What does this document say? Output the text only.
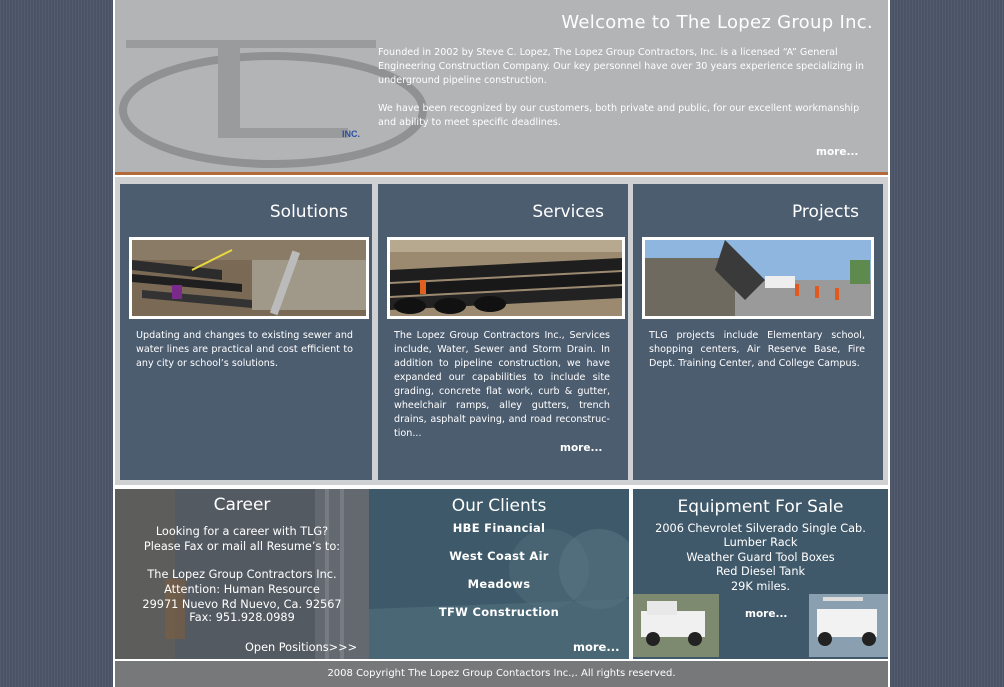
INC.
Welcome to The Lopez Group Inc.
Founded in 2002 by Steve C. Lopez, The Lopez Group Contractors, Inc. is a licensed “A” General Engineering Construction Company. Our key personnel have over 30 years experience specializing in underground pipeline construction.
We have been recognized by our customers, both private and public, for our excellent workmanship and ability to meet specific deadlines.
more...
Solutions
Updating and changes to existing sewer and water lines are practical and cost efficient to any city or school’s solutions.
Services
The Lopez Group Contractors Inc., Services include, Water, Sewer and Storm Drain. In addition to pipeline construction, we have expanded our capabilities to include site grading, concrete flat work, curb & gutter, wheelchair ramps, alley gutters, trench drains, asphalt paving, and road reconstruc-tion...
more...
Projects
TLG projects include Elementary school, shopping centers, Air Reserve Base, Fire Dept. Training Center, and College Campus.
Career
Looking for a career with TLG?
Please Fax or mail all Resume’s to:
The Lopez Group Contractors Inc.
Attention: Human Resource
29971 Nuevo Rd Nuevo, Ca. 92567
Fax: 951.928.0989
Open Positions>>>
Our Clients
HBE Financial
West Coast Air
Meadows
TFW Construction
more...
Equipment For Sale
2006 Chevrolet Silverado Single Cab.
Lumber Rack
Weather Guard Tool Boxes
Red Diesel Tank
29K miles.
more...
2008 Copyright The Lopez Group Contactors Inc.,. All rights reserved.
